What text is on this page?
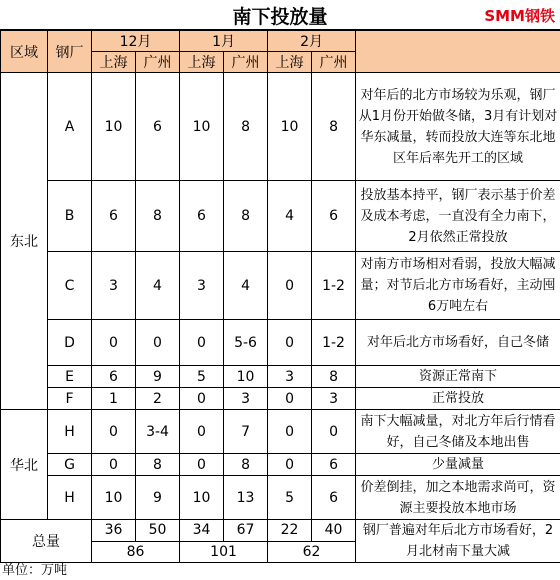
南下投放量	SMM钢铁
区域	钢厂	12月		1月		2月		
		上海	广州	上海	广州	上海	广州	
东北	A	10	6	10	8	10	8	对年后的北方市场较为乐观，钢厂从1月份开始做冬储，3月有计划对华东减量，转而投放大连等东北地区年后率先开工的区域
	B	6	8	6	8	4	6	投放基本持平，钢厂表示基于价差及成本考虑，一直没有全力南下，2月依然正常投放
	C	3	4	3	4	0	1-2	对南方市场相对看弱，投放大幅减量；对节后北方市场看好，主动囤6万吨左右
	D	0	0	0	5-6	0	1-2	对年后北方市场看好，自己冬储
	E	6	9	5	10	3	8	资源正常南下
	F	1	2	0	3	0	3	正常投放
华北	H	0	3-4	0	7	0	0	南下大幅减量，对北方年后行情看好，自己冬储及本地出售
	G	0	8	0	8	0	6	少量减量
	H	10	9	10	13	5	6	价差倒挂，加之本地需求尚可，资源主要投放本地市场
总量		36	50	34	67	22	40	钢厂普遍对年后北方市场看好，2月北材南下量大减
		86		101		62		
单位：万吨
